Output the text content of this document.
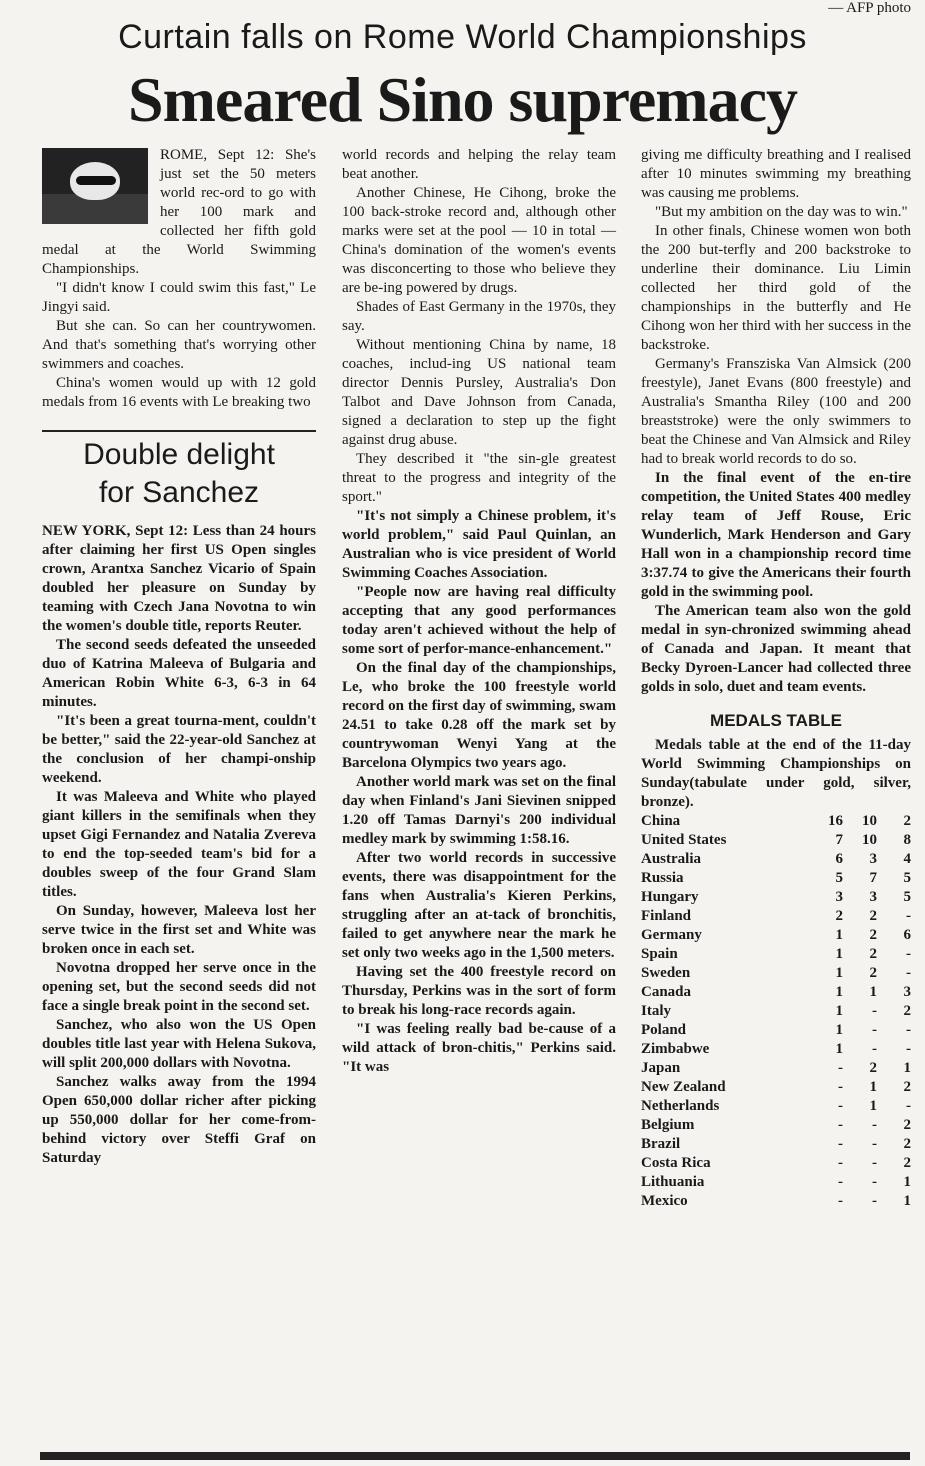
— AFP photo
Curtain falls on Rome World Championships
Smeared Sino supremacy

ROME, Sept 12: She's just set the 50 meters world rec-ord to go with her 100 mark and collected her fifth gold medal at the World Swimming Championships.

"I didn't know I could swim this fast," Le Jingyi said.

But she can. So can her countrywomen. And that's something that's worrying other swimmers and coaches.

China's women would up with 12 gold medals from 16 events with Le breaking two

Double delight
for Sanchez

NEW YORK, Sept 12: Less than 24 hours after claiming her first US Open singles crown, Arantxa Sanchez Vicario of Spain doubled her pleasure on Sunday by teaming with Czech Jana Novotna to win the women's double title, reports Reuter.

The second seeds defeated the unseeded duo of Katrina Maleeva of Bulgaria and American Robin White 6-3, 6-3 in 64 minutes.

"It's been a great tourna-ment, couldn't be better," said the 22-year-old Sanchez at the conclusion of her champi-onship weekend.

It was Maleeva and White who played giant killers in the semifinals when they upset Gigi Fernandez and Natalia Zvereva to end the top-seeded team's bid for a doubles sweep of the four Grand Slam titles.

On Sunday, however, Maleeva lost her serve twice in the first set and White was broken once in each set.

Novotna dropped her serve once in the opening set, but the second seeds did not face a single break point in the second set.

Sanchez, who also won the US Open doubles title last year with Helena Sukova, will split 200,000 dollars with Novotna.

Sanchez walks away from the 1994 Open 650,000 dollar richer after picking up 550,000 dollar for her come-from-behind victory over Steffi Graf on Saturday

world records and helping the relay team beat another.

Another Chinese, He Cihong, broke the 100 back-stroke record and, although other marks were set at the pool — 10 in total — China's domination of the women's events was disconcerting to those who believe they are be-ing powered by drugs.

Shades of East Germany in the 1970s, they say.

Without mentioning China by name, 18 coaches, includ-ing US national team director Dennis Pursley, Australia's Don Talbot and Dave Johnson from Canada, signed a declaration to step up the fight against drug abuse.

They described it "the sin-gle greatest threat to the progress and integrity of the sport."

"It's not simply a Chinese problem, it's world problem," said Paul Quinlan, an Australian who is vice president of World Swimming Coaches Association.

"People now are having real difficulty accepting that any good performances today aren't achieved without the help of some sort of perfor-mance-enhancement."

On the final day of the championships, Le, who broke the 100 freestyle world record on the first day of swimming, swam 24.51 to take 0.28 off the mark set by countrywoman Wenyi Yang at the Barcelona Olympics two years ago.

Another world mark was set on the final day when Finland's Jani Sievinen snipped 1.20 off Tamas Darnyi's 200 individual medley mark by swimming 1:58.16.

After two world records in successive events, there was disappointment for the fans when Australia's Kieren Perkins, struggling after an at-tack of bronchitis, failed to get anywhere near the mark he set only two weeks ago in the 1,500 meters.

Having set the 400 freestyle record on Thursday, Perkins was in the sort of form to break his long-race records again.

"I was feeling really bad be-cause of a wild attack of bron-chitis," Perkins said. "It was

giving me difficulty breathing and I realised after 10 minutes swimming my breathing was causing me problems.

"But my ambition on the day was to win."

In other finals, Chinese women won both the 200 but-terfly and 200 backstroke to underline their dominance. Liu Limin collected her third gold of the championships in the butterfly and He Cihong won her third with her success in the backstroke.

Germany's Fransziska Van Almsick (200 freestyle), Janet Evans (800 freestyle) and Australia's Smantha Riley (100 and 200 breaststroke) were the only swimmers to beat the Chinese and Van Almsick and Riley had to break world records to do so.

In the final event of the en-tire competition, the United States 400 medley relay team of Jeff Rouse, Eric Wunderlich, Mark Henderson and Gary Hall won in a championship record time 3:37.74 to give the Americans their fourth gold in the swimming pool.

The American team also won the gold medal in syn-chronized swimming ahead of Canada and Japan. It meant that Becky Dyroen-Lancer had collected three golds in solo, duet and team events.

MEDALS TABLE

Medals table at the end of the 11-day World Swimming Championships on Sunday(tabulate under gold, silver, bronze).

China	16	10	2
United States	7	10	8
Australia	6	3	4
Russia	5	7	5
Hungary	3	3	5
Finland	2	2	-
Germany	1	2	6
Spain	1	2	-
Sweden	1	2	-
Canada	1	1	3
Italy	1	-	2
Poland	1	-	-
Zimbabwe	1	-	-
Japan	-	2	1
New Zealand	-	1	2
Netherlands	-	1	-
Belgium	-	-	2
Brazil	-	-	2
Costa Rica	-	-	2
Lithuania	-	-	1
Mexico	-	-	1
